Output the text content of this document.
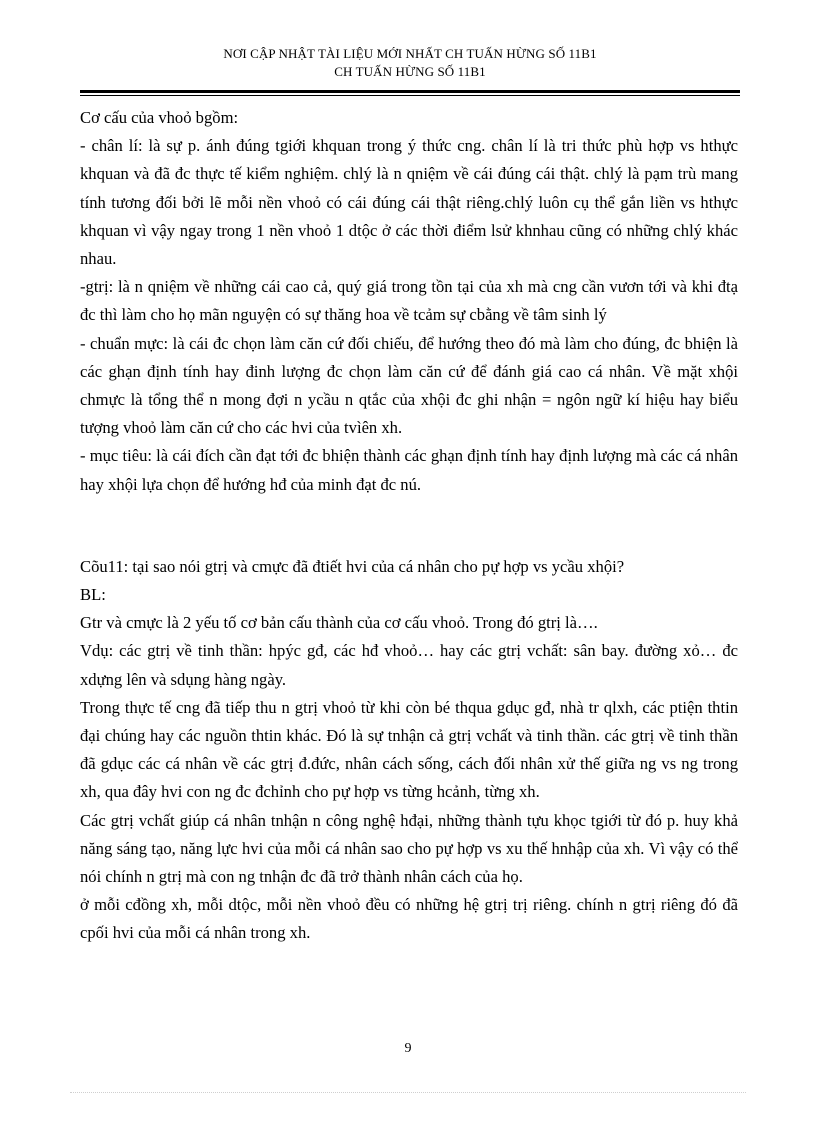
NƠI CẬP NHẬT TÀI LIỆU MỚI NHẤT CH TUẤN HỪNG SỐ 11B1
CH TUẤN HỪNG SỐ 11B1

Cơ cấu của vhoỏ bgồm:

- chân lí: là sự p. ánh đúng tgiới khquan trong ý thức cng. chân lí là tri thức phù hợp vs hthực khquan và đã đc thực tế kiểm nghiệm. chlý là n qniệm về cái đúng cái thật. chlý là pạm trù mang tính tương đối bởi lẽ mỗi nền vhoỏ có cái đúng cái thật riêng.chlý luôn cụ thể gắn liền vs hthực khquan vì vậy ngay trong 1 nền vhoỏ 1 dtộc ở các thời điểm lsử khnhau cũng có những chlý khác nhau.

-gtrị: là n qniệm về những cái cao cả, quý giá trong tồn tại của xh mà cng cần vươn tới và khi đtạ đc thì làm cho họ mãn nguyện có sự thăng hoa về tcảm sự cbằng về tâm sinh lý

- chuẩn mực: là cái đc chọn làm căn cứ đối chiếu, để hướng theo đó mà làm cho đúng, đc bhiện là các ghạn định tính hay đinh lượng đc chọn làm căn cứ để đánh giá cao cá nhân. Về mặt xhội chmực là tổng thể n mong đợi n ycầu n qtắc của xhội đc ghi nhận = ngôn ngữ kí hiệu hay biểu tượng vhoỏ làm căn cứ cho các hvi của tvìên xh.

- mục tiêu: là cái đích cần đạt tới đc bhiện thành các ghạn định tính hay định lượng mà các cá nhân hay xhội lựa chọn để hướng hđ của minh đạt đc nú.

Cõu11: tại sao nói gtrị và cmực đã đtiết hvi của cá nhân cho pự hợp vs ycầu xhội?

BL:

Gtr và cmực là 2 yếu tố cơ bản cấu thành của cơ cấu vhoỏ. Trong đó gtrị là….

Vdụ: các gtrị về tinh thần: hpýc gđ, các hđ vhoỏ… hay các gtrị vchất: sân bay. đường xỏ… đc xdựng lên và sdụng hàng ngày.

Trong thực tế cng đã tiếp thu n gtrị vhoỏ từ khi còn bé thqua gdục gđ, nhà tr qlxh, các ptiện thtin đại chúng hay các nguồn thtin khác. Đó là sự tnhận cả gtrị vchất và tinh thần. các gtrị về tinh thần đã gdục các cá nhân về các gtrị đ.đức, nhân cách sống, cách đối nhân xử thế giữa ng vs ng trong xh, qua đây hvi con ng đc đchỉnh cho pự hợp vs từng hcảnh, từng xh.

Các gtrị vchất giúp cá nhân tnhận n công nghệ hđại, những thành tựu khọc tgiới từ đó p. huy khả năng sáng tạo, năng lực hvi của mỗi cá nhân sao cho pự hợp vs xu thế hnhập của xh. Vì vậy có thể nói chính n gtrị mà con ng tnhận đc đã trở thành nhân cách của họ.

ở mỗi cđồng xh, mỗi dtộc, mỗi nền vhoỏ đều có những hệ gtrị trị riêng. chính n gtrị riêng đó đã cpối hvi của mỗi cá nhân trong xh.

9
